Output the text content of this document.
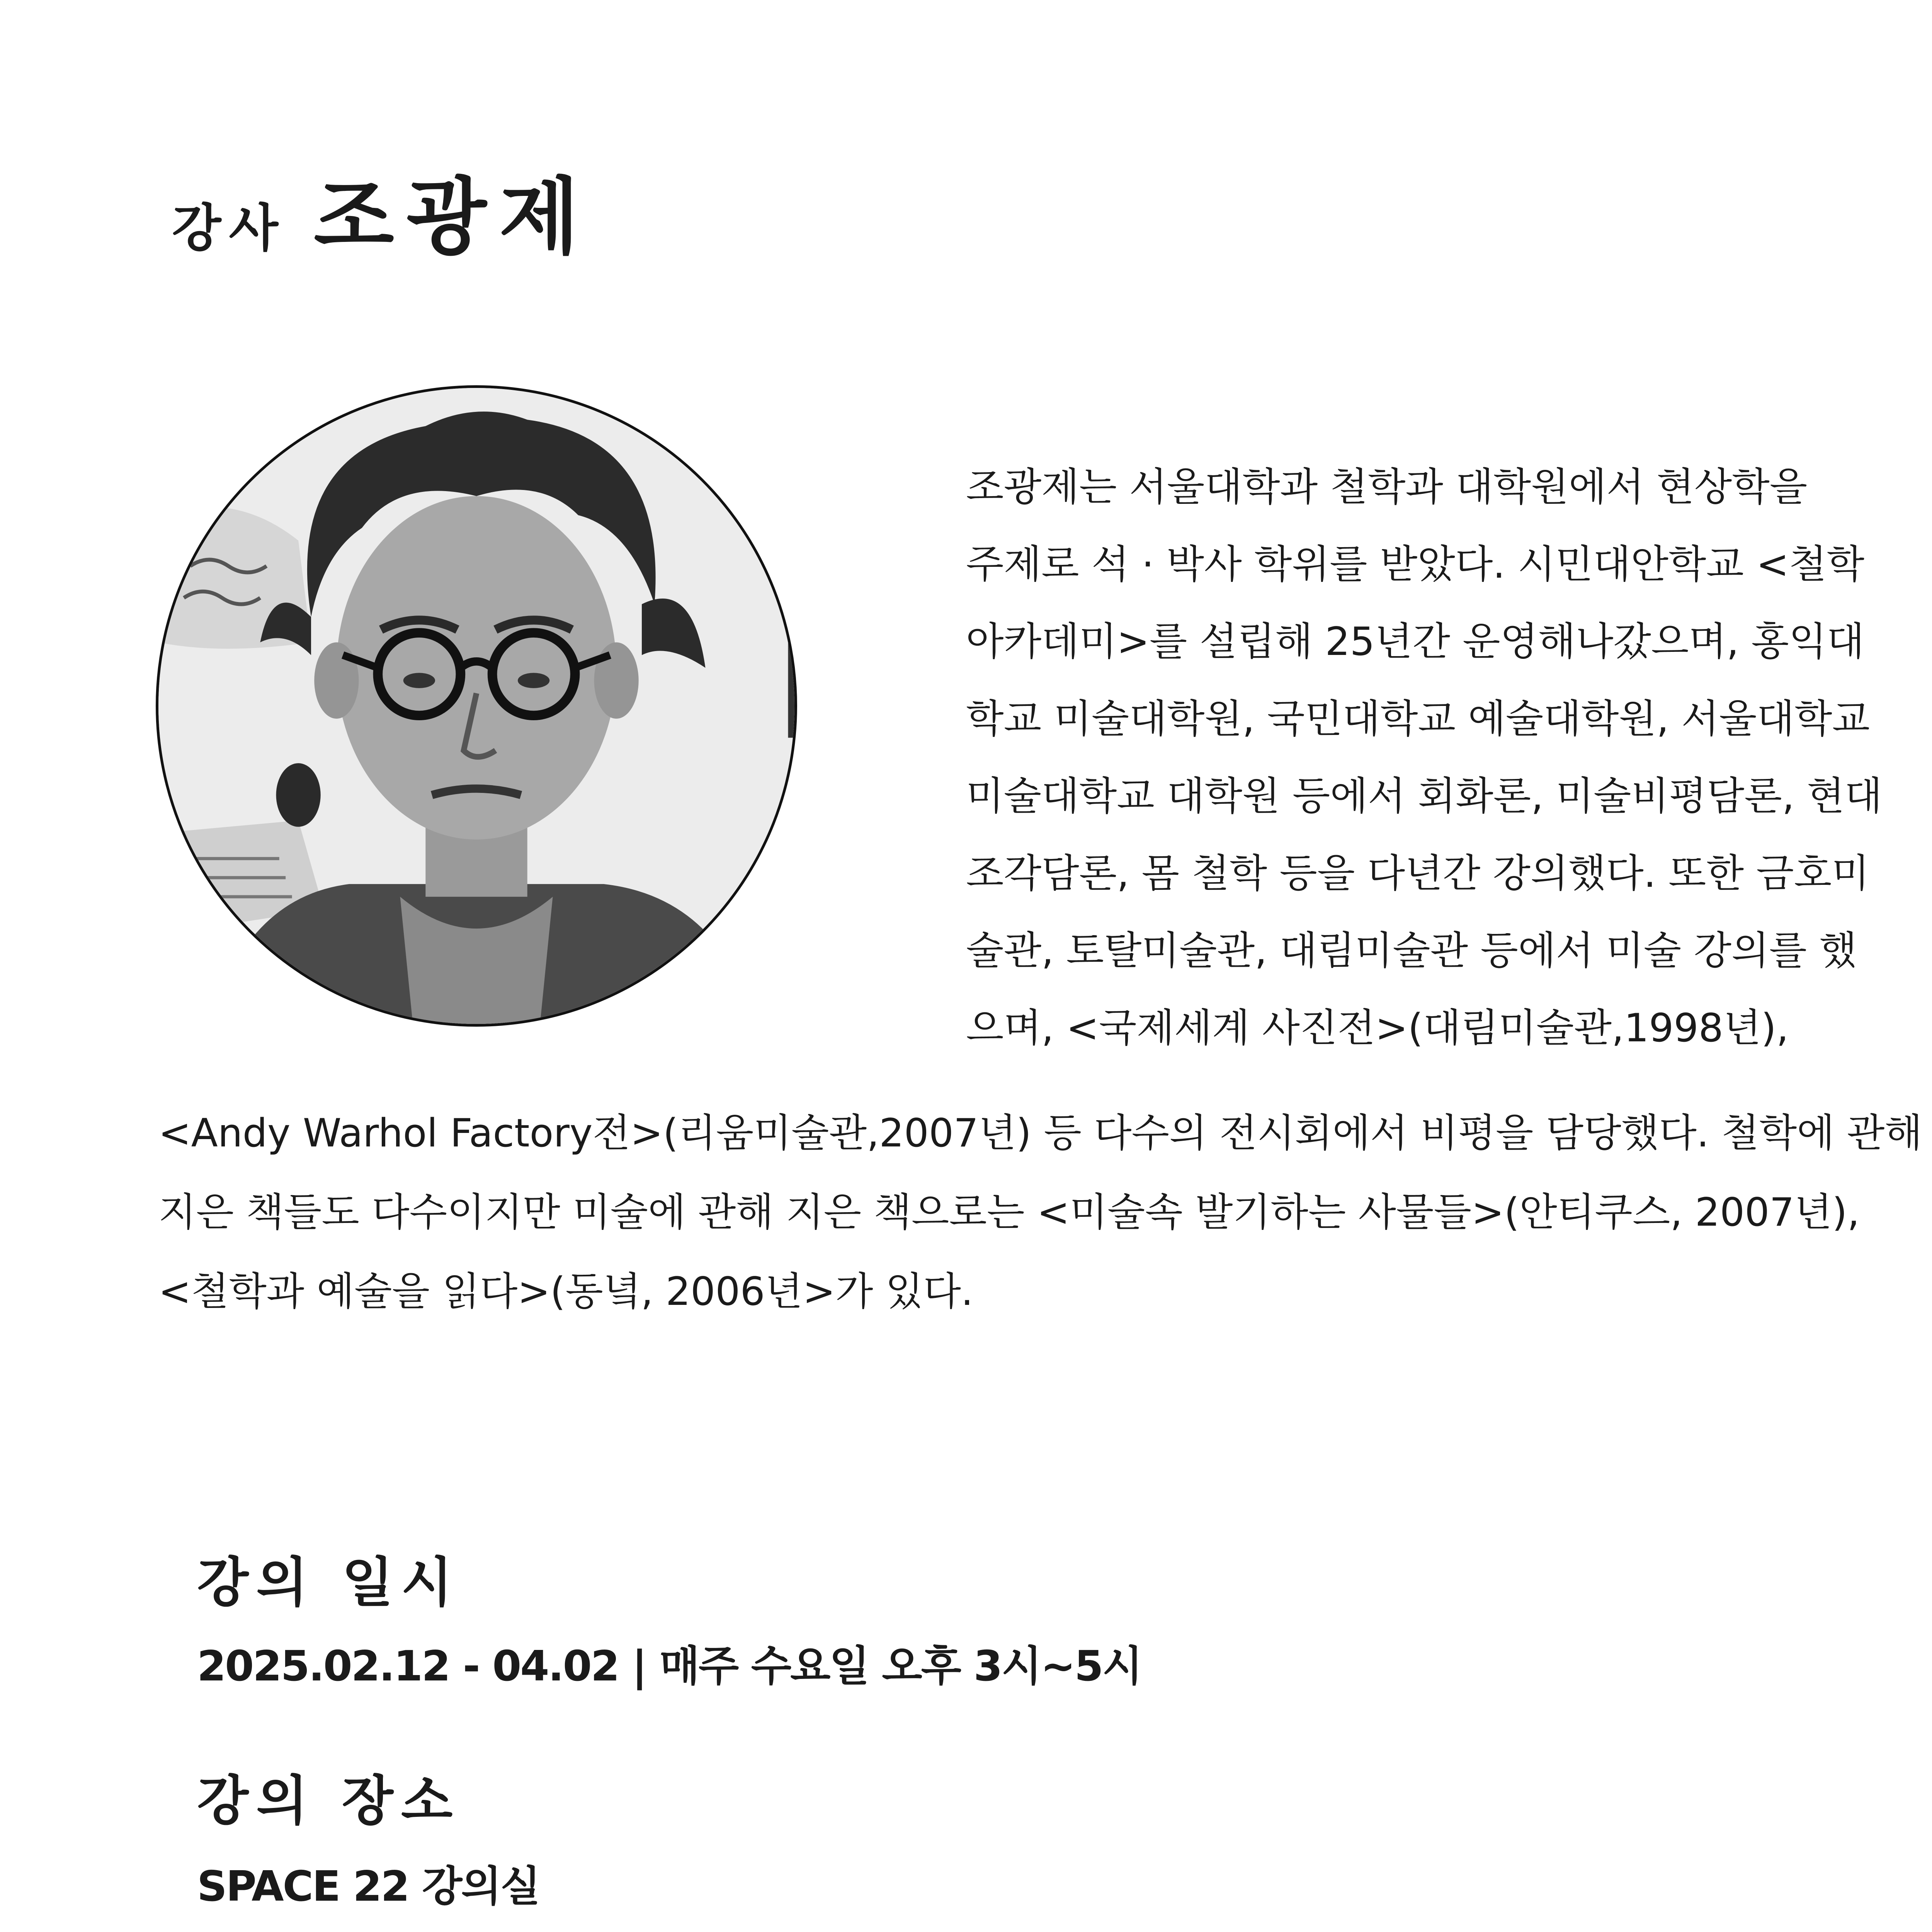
강사 조광제

조광제는 서울대학과 철학과 대학원에서 현상학을
주제로 석 · 박사 학위를 받았다. 시민대안학교 <철학
아카데미>를 설립해 25년간 운영해나갔으며, 홍익대
학교 미술대학원, 국민대학교 예술대학원, 서울대학교
미술대학교 대학원 등에서 회화론, 미술비평담론, 현대
조각담론, 몸 철학 등을 다년간 강의했다. 또한 금호미
술관, 토탈미술관, 대림미술관 등에서 미술 강의를 했
으며, <국제세계 사진전>(대림미술관,1998년),

<Andy Warhol Factory전>(리움미술관,2007년) 등 다수의 전시회에서 비평을 담당했다. 철학에 관해
지은 책들도 다수이지만 미술에 관해 지은 책으로는 <미술속 발기하는 사물들>(안티쿠스, 2007년),
<철학과 예술을 읽다>(동녘, 2006년>가 있다.

강의 일시

2025.02.12 - 04.02 | 매주 수요일 오후 3시~5시

강의 장소

SPACE 22 강의실
